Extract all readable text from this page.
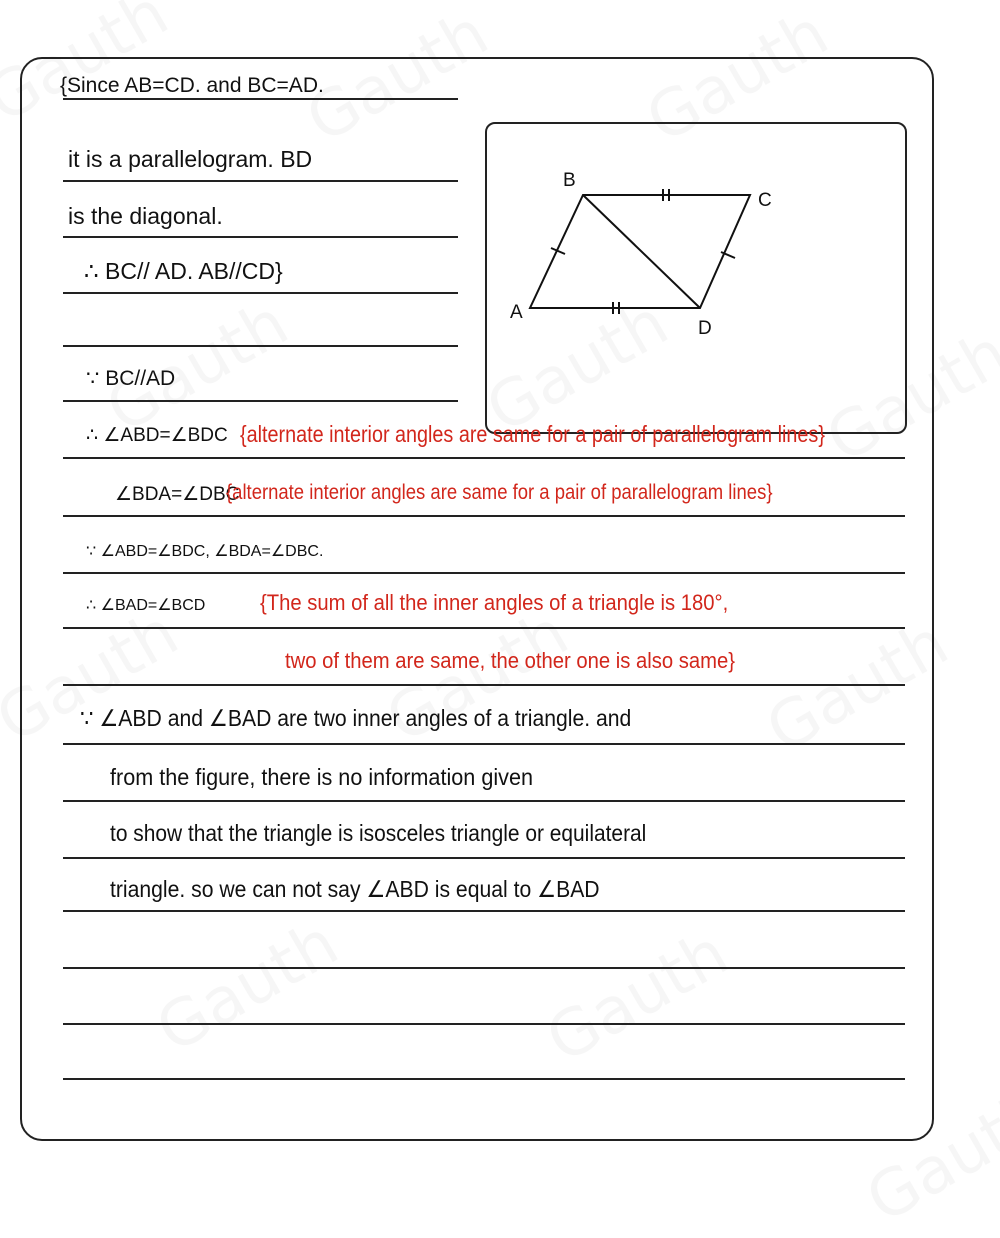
B
C
A
D
{Since AB=CD. and BC=AD.
it is a parallelogram. BD
is the diagonal.
∴ BC// AD. AB//CD}
∵ BC//AD
∴ ∠ABD=∠BDC {alternate interior angles are same for a pair of parallelogram lines}
∠BDA=∠DBC
{alternate interior angles are same for a pair of parallelogram lines}
∵ ∠ABD=∠BDC, ∠BDA=∠DBC.
∴ ∠BAD=∠BCD {The sum of all the inner angles of a triangle is 180°,
two of them are same, the other one is also same}
∵ ∠ABD and ∠BAD are two inner angles of a triangle. and
from the figure, there is no information given
to show that the triangle is isosceles triangle or equilateral
triangle. so we can not say ∠ABD is equal to ∠BAD
